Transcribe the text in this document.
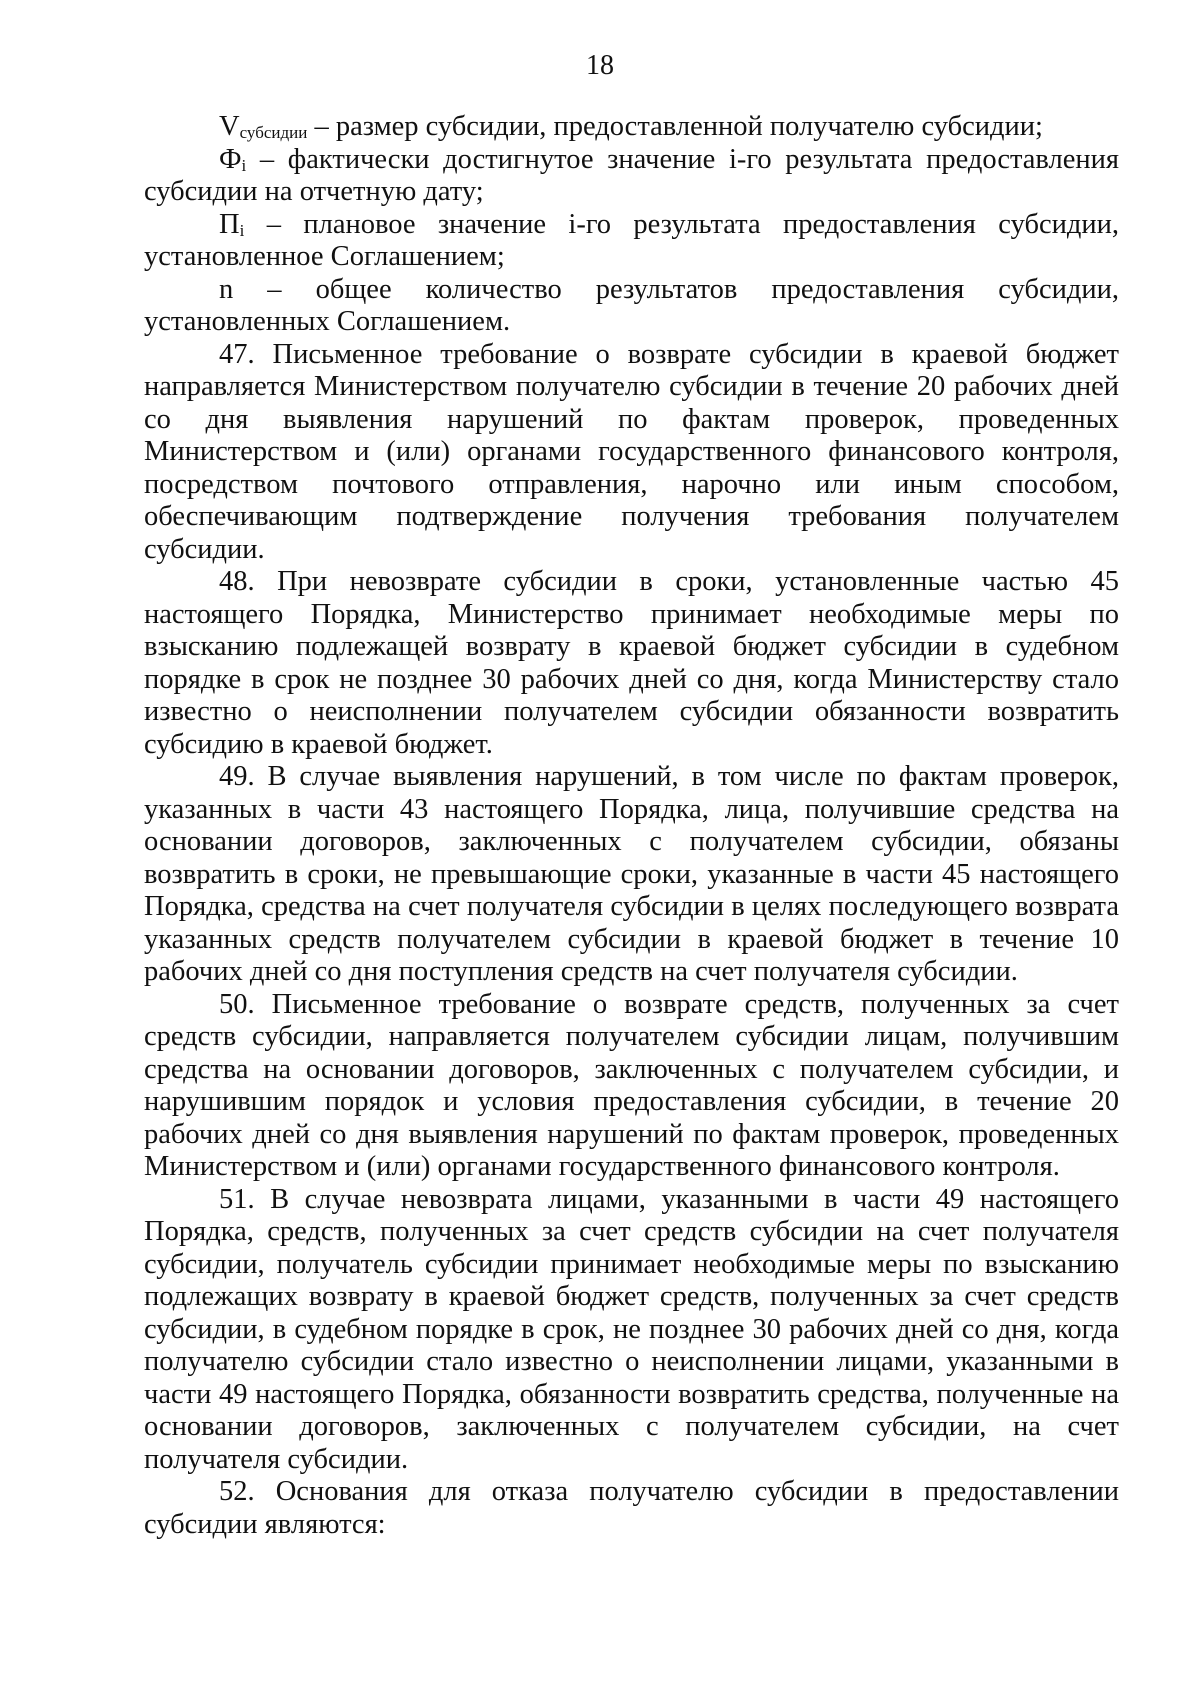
18

$V_{субсидии}$ – размер субсидии, предоставленной получателю субсидии;

$Ф_i$ – фактически достигнутое значение i-го результата предоставления субсидии на отчетную дату;

$П_i$ – плановое значение i-го результата предоставления субсидии, установленное Соглашением;

n – общее количество результатов предоставления субсидии, установленных Соглашением.

47. Письменное требование о возврате субсидии в краевой бюджет направляется Министерством получателю субсидии в течение 20 рабочих дней со дня выявления нарушений по фактам проверок, проведенных Министерством и (или) органами государственного финансового контроля, посредством почтового отправления, нарочно или иным способом, обеспечивающим подтверждение получения требования получателем субсидии.

48. При невозврате субсидии в сроки, установленные частью 45 настоящего Порядка, Министерство принимает необходимые меры по взысканию подлежащей возврату в краевой бюджет субсидии в судебном порядке в срок не позднее 30 рабочих дней со дня, когда Министерству стало известно о неисполнении получателем субсидии обязанности возвратить субсидию в краевой бюджет.

49. В случае выявления нарушений, в том числе по фактам проверок, указанных в части 43 настоящего Порядка, лица, получившие средства на основании договоров, заключенных с получателем субсидии, обязаны возвратить в сроки, не превышающие сроки, указанные в части 45 настоящего Порядка, средства на счет получателя субсидии в целях последующего возврата указанных средств получателем субсидии в краевой бюджет в течение 10 рабочих дней со дня поступления средств на счет получателя субсидии.

50. Письменное требование о возврате средств, полученных за счет средств субсидии, направляется получателем субсидии лицам, получившим средства на основании договоров, заключенных с получателем субсидии, и нарушившим порядок и условия предоставления субсидии, в течение 20 рабочих дней со дня выявления нарушений по фактам проверок, проведенных Министерством и (или) органами государственного финансового контроля.

51. В случае невозврата лицами, указанными в части 49 настоящего Порядка, средств, полученных за счет средств субсидии на счет получателя субсидии, получатель субсидии принимает необходимые меры по взысканию подлежащих возврату в краевой бюджет средств, полученных за счет средств субсидии, в судебном порядке в срок, не позднее 30 рабочих дней со дня, когда получателю субсидии стало известно о неисполнении лицами, указанными в части 49 настоящего Порядка, обязанности возвратить средства, полученные на основании договоров, заключенных с получателем субсидии, на счет получателя субсидии.

52. Основания для отказа получателю субсидии в предоставлении субсидии являются:
